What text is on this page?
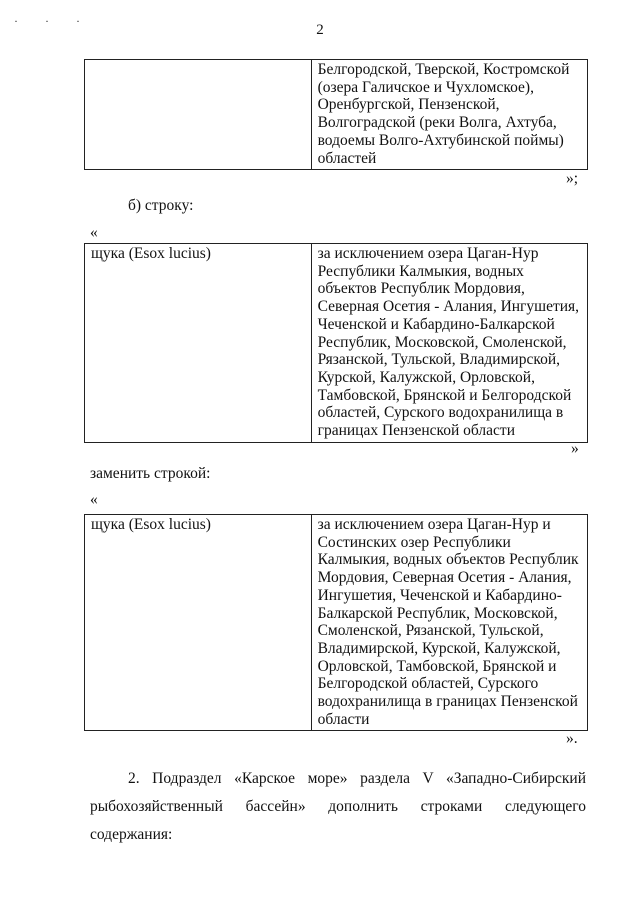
· · ·
2
	Белгородской, Тверской, Костромской (озера Галичское и Чухломское), Оренбургской, Пензенской, Волгоградской (реки Волга, Ахтуба, водоемы Волго-Ахтубинской поймы) областей
»;
б) строку:
«
щука (Esox lucius)	за исключением озера Цаган-Нур Республики Калмыкия, водных объектов Республик Мордовия, Северная Осетия - Алания, Ингушетия, Чеченской и Кабардино-Балкарской Республик, Московской, Смоленской, Рязанской, Тульской, Владимирской, Курской, Калужской, Орловской, Тамбовской, Брянской и Белгородской областей, Сурского водохранилища в границах Пензенской области
»
заменить строкой:
«
щука (Esox lucius)	за исключением озера Цаган-Нур и Состинских озер Республики Калмыкия, водных объектов Республик Мордовия, Северная Осетия - Алания, Ингушетия, Чеченской и Кабардино-Балкарской Республик, Московской, Смоленской, Рязанской, Тульской, Владимирской, Курской, Калужской, Орловской, Тамбовской, Брянской и Белгородской областей, Сурского водохранилища в границах Пензенской области
».
2. Подраздел «Карское море» раздела V «Западно-Сибирский
рыбохозяйственный бассейн» дополнить строками следующего
содержания:
